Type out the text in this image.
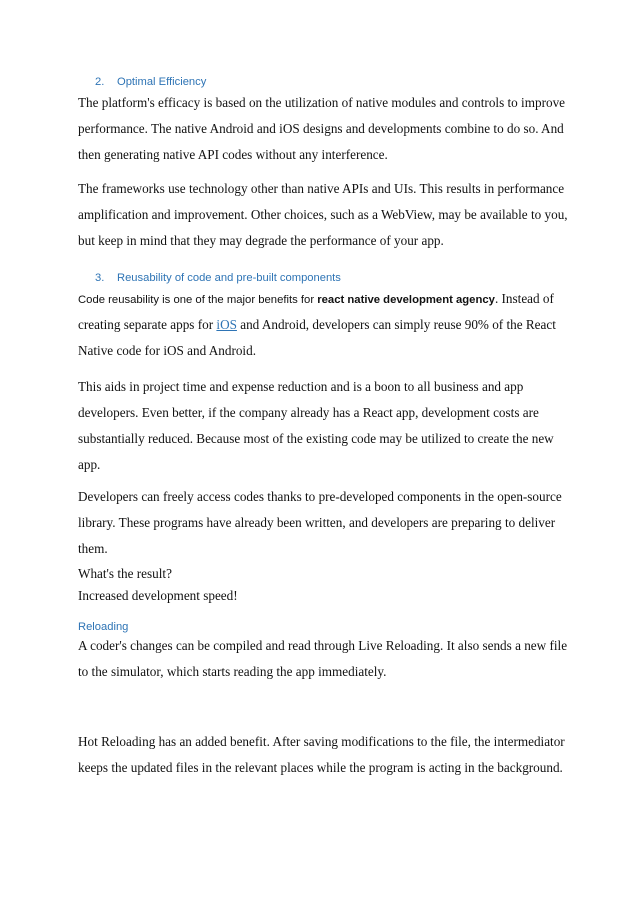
2. Optimal Efficiency
The platform's efficacy is based on the utilization of native modules and controls to improve
performance. The native Android and iOS designs and developments combine to do so. And
then generating native API codes without any interference.
The frameworks use technology other than native APIs and UIs. This results in performance
amplification and improvement. Other choices, such as a WebView, may be available to you,
but keep in mind that they may degrade the performance of your app.
3. Reusability of code and pre-built components
Code reusability is one of the major benefits for react native development agency. Instead of
creating separate apps for iOS and Android, developers can simply reuse 90% of the React
Native code for iOS and Android.
This aids in project time and expense reduction and is a boon to all business and app
developers. Even better, if the company already has a React app, development costs are
substantially reduced. Because most of the existing code may be utilized to create the new
app.
Developers can freely access codes thanks to pre-developed components in the open-source
library. These programs have already been written, and developers are preparing to deliver
them.
What's the result?
Increased development speed!
Reloading
A coder's changes can be compiled and read through Live Reloading. It also sends a new file
to the simulator, which starts reading the app immediately.
Hot Reloading has an added benefit. After saving modifications to the file, the intermediator
keeps the updated files in the relevant places while the program is acting in the background.
